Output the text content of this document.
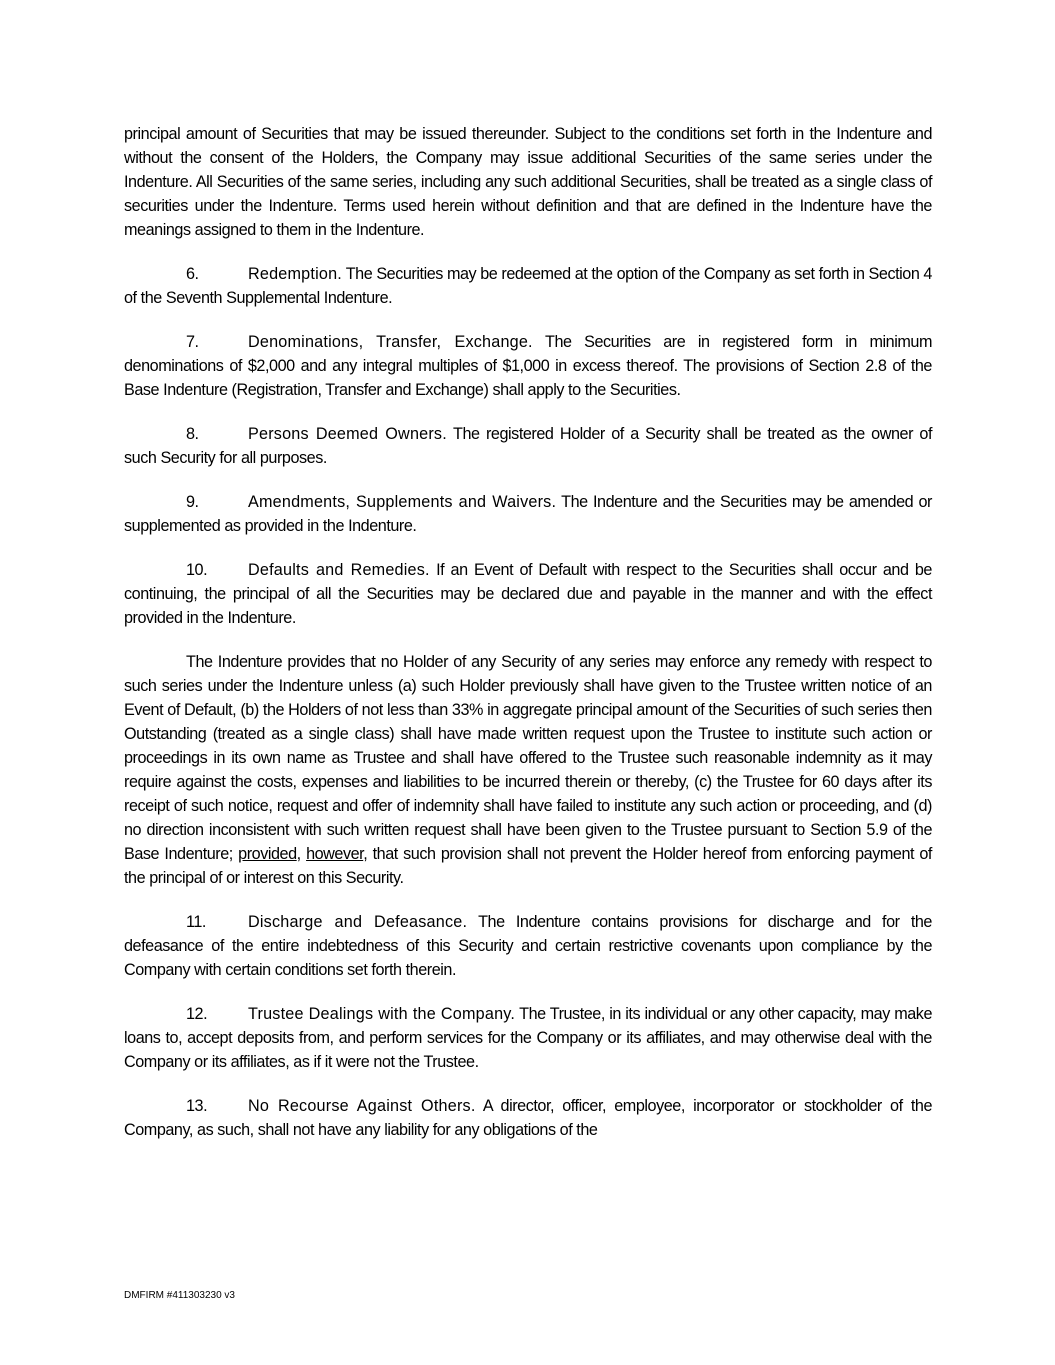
principal amount of Securities that may be issued thereunder. Subject to the conditions set forth in the Indenture and without the consent of the Holders, the Company may issue additional Securities of the same series under the Indenture. All Securities of the same series, including any such additional Securities, shall be treated as a single class of securities under the Indenture. Terms used herein without definition and that are defined in the Indenture have the meanings assigned to them in the Indenture.

6.	Redemption. The Securities may be redeemed at the option of the Company as set forth in Section 4 of the Seventh Supplemental Indenture.

7.	Denominations, Transfer, Exchange. The Securities are in registered form in minimum denominations of $2,000 and any integral multiples of $1,000 in excess thereof. The provisions of Section 2.8 of the Base Indenture (Registration, Transfer and Exchange) shall apply to the Securities.

8.	Persons Deemed Owners. The registered Holder of a Security shall be treated as the owner of such Security for all purposes.

9.	Amendments, Supplements and Waivers. The Indenture and the Securities may be amended or supplemented as provided in the Indenture.

10.	Defaults and Remedies. If an Event of Default with respect to the Securities shall occur and be continuing, the principal of all the Securities may be declared due and payable in the manner and with the effect provided in the Indenture.

The Indenture provides that no Holder of any Security of any series may enforce any remedy with respect to such series under the Indenture unless (a) such Holder previously shall have given to the Trustee written notice of an Event of Default, (b) the Holders of not less than 33% in aggregate principal amount of the Securities of such series then Outstanding (treated as a single class) shall have made written request upon the Trustee to institute such action or proceedings in its own name as Trustee and shall have offered to the Trustee such reasonable indemnity as it may require against the costs, expenses and liabilities to be incurred therein or thereby, (c) the Trustee for 60 days after its receipt of such notice, request and offer of indemnity shall have failed to institute any such action or proceeding, and (d) no direction inconsistent with such written request shall have been given to the Trustee pursuant to Section 5.9 of the Base Indenture; provided, however, that such provision shall not prevent the Holder hereof from enforcing payment of the principal of or interest on this Security.

11.	Discharge and Defeasance. The Indenture contains provisions for discharge and for the defeasance of the entire indebtedness of this Security and certain restrictive covenants upon compliance by the Company with certain conditions set forth therein.

12.	Trustee Dealings with the Company. The Trustee, in its individual or any other capacity, may make loans to, accept deposits from, and perform services for the Company or its affiliates, and may otherwise deal with the Company or its affiliates, as if it were not the Trustee.

13.	No Recourse Against Others. A director, officer, employee, incorporator or stockholder of the Company, as such, shall not have any liability for any obligations of the

DMFIRM #411303230 v3
